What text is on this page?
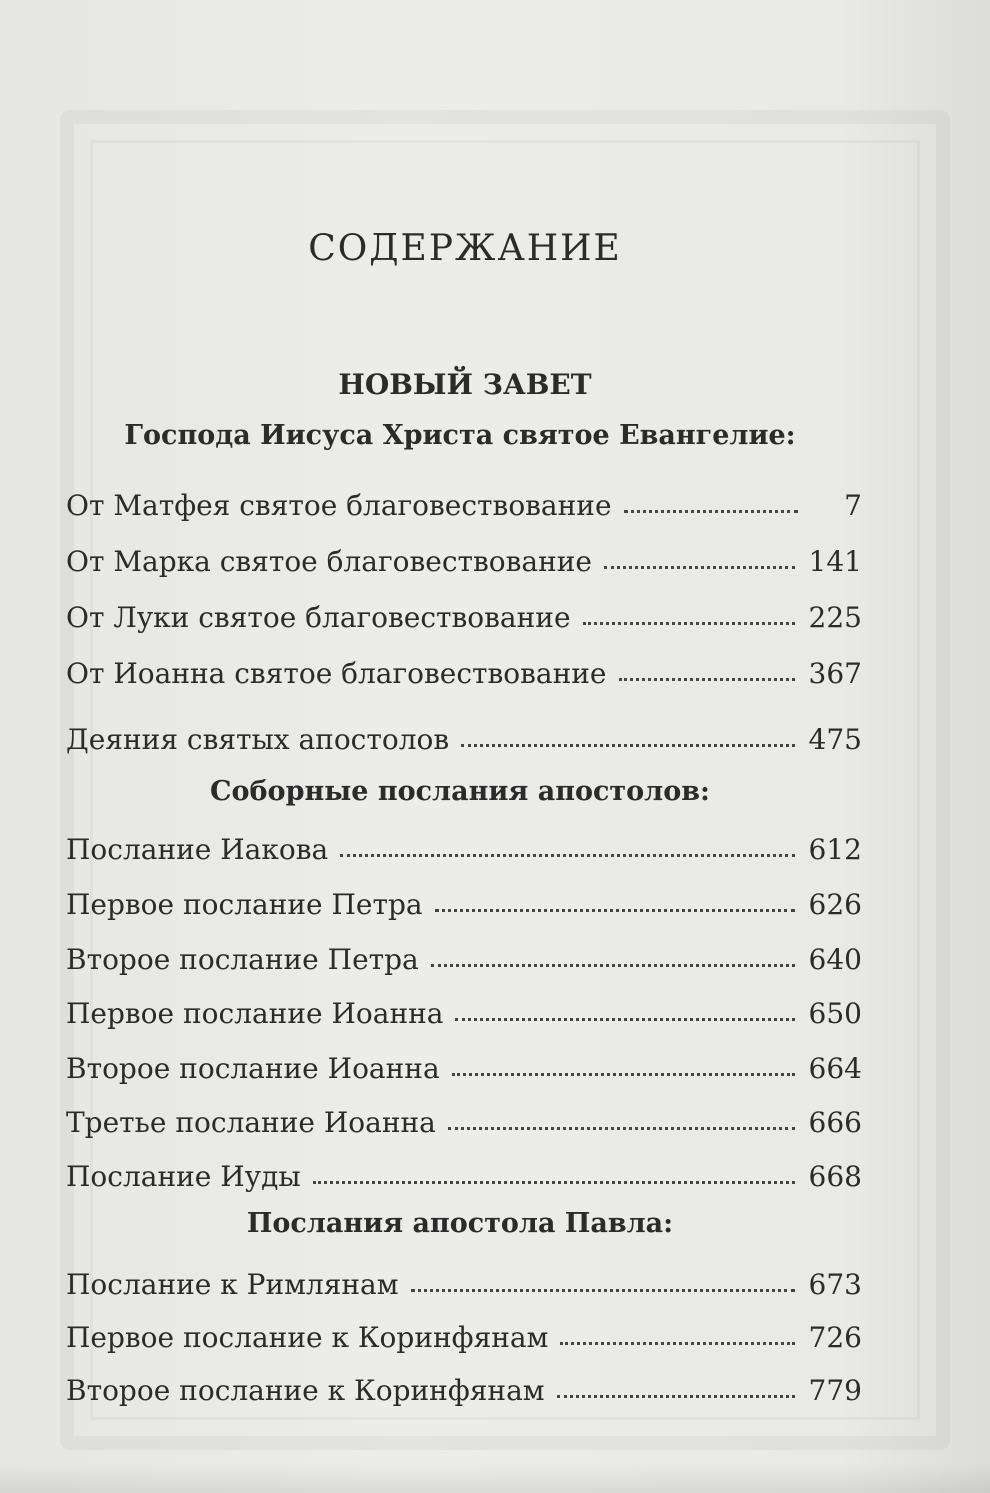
СОДЕРЖАНИЕ
НОВЫЙ ЗАВЕТ
Господа Иисуса Христа святое Евангелие:
От Матфея святое благовествование	7
От Марка святое благовествование	141
От Луки святое благовествование	225
От Иоанна святое благовествование	367
Деяния святых апостолов	475
Соборные послания апостолов:
Послание Иакова	612
Первое послание Петра	626
Второе послание Петра	640
Первое послание Иоанна	650
Второе послание Иоанна	664
Третье послание Иоанна	666
Послание Иуды	668
Послания апостола Павла:
Послание к Римлянам	673
Первое послание к Коринфянам	726
Второе послание к Коринфянам	779
